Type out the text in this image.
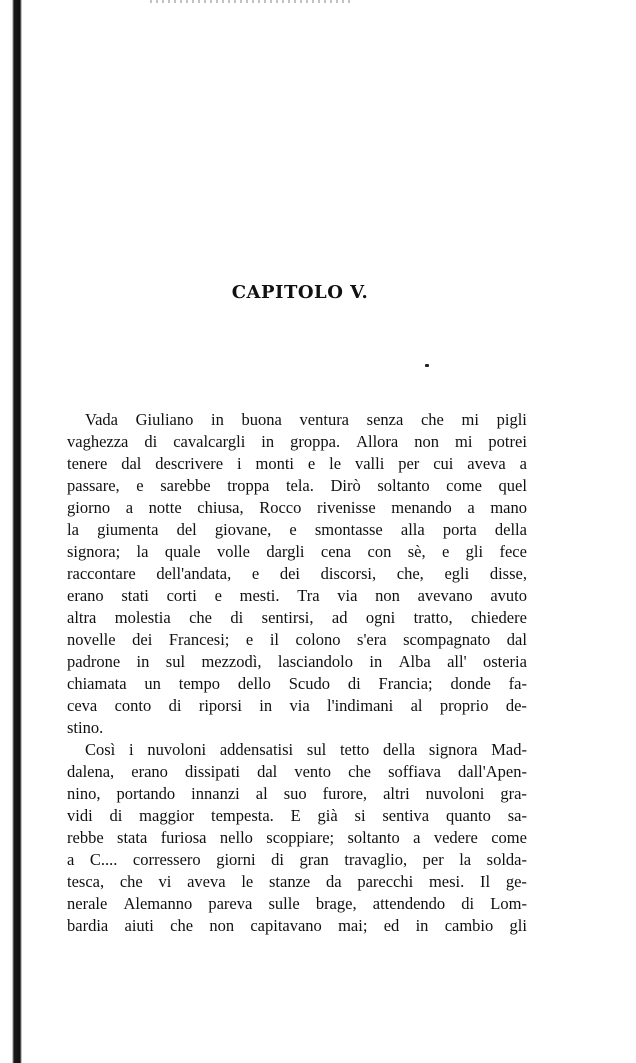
CAPITOLO V.
Vada Giuliano in buona ventura senza che mi pigli
vaghezza di cavalcargli in groppa. Allora non mi potrei
tenere dal descrivere i monti e le valli per cui aveva a
passare, e sarebbe troppa tela. Dirò soltanto come quel
giorno a notte chiusa, Rocco rivenisse menando a mano
la giumenta del giovane, e smontasse alla porta della
signora; la quale volle dargli cena con sè, e gli fece
raccontare dell'andata, e dei discorsi, che, egli disse,
erano stati corti e mesti. Tra via non avevano avuto
altra molestia che di sentirsi, ad ogni tratto, chiedere
novelle dei Francesi; e il colono s'era scompagnato dal
padrone in sul mezzodì, lasciandolo in Alba all' osteria
chiamata un tempo dello Scudo di Francia; donde fa-
ceva conto di riporsi in via l'indimani al proprio de-
stino.
Così i nuvoloni addensatisi sul tetto della signora Mad-
dalena, erano dissipati dal vento che soffiava dall'Apen-
nino, portando innanzi al suo furore, altri nuvoloni gra-
vidi di maggior tempesta. E già si sentiva quanto sa-
rebbe stata furiosa nello scoppiare; soltanto a vedere come
a C.... corressero giorni di gran travaglio, per la solda-
tesca, che vi aveva le stanze da parecchi mesi. Il ge-
nerale Alemanno pareva sulle brage, attendendo di Lom-
bardia aiuti che non capitavano mai; ed in cambio gli
